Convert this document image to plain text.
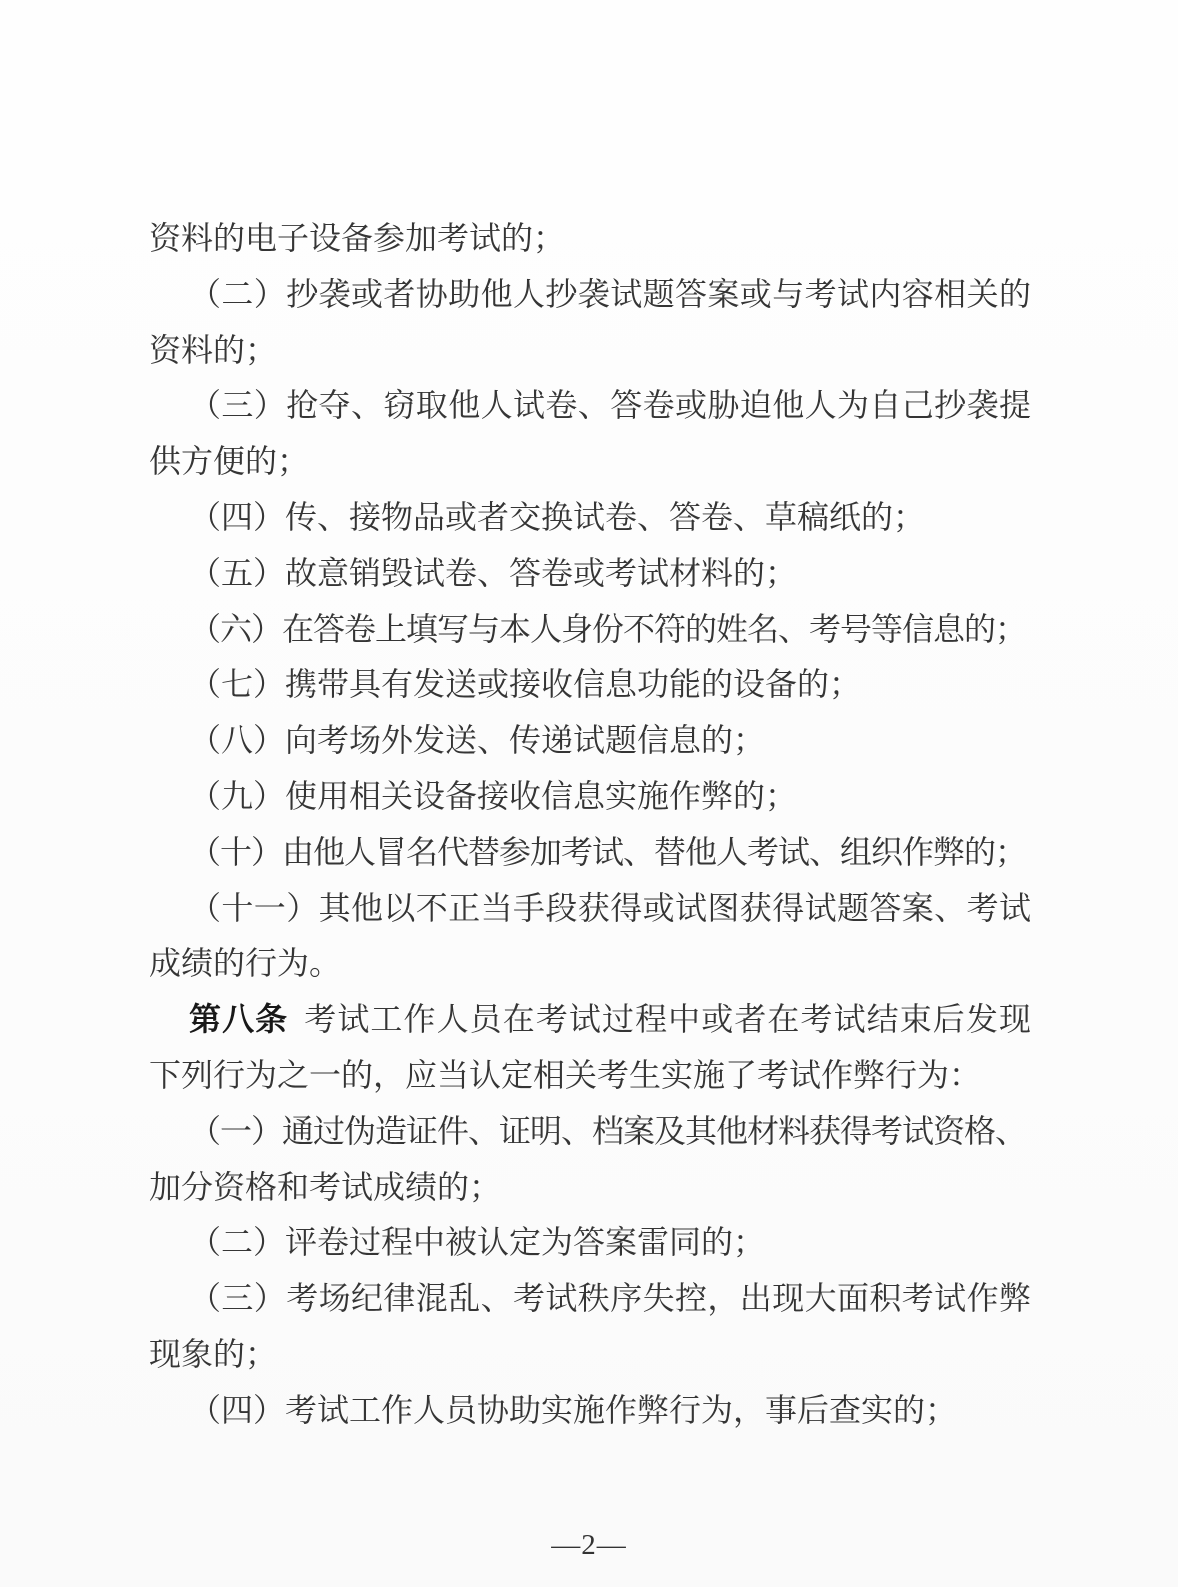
资料的电子设备参加考试的；

（二）抄袭或者协助他人抄袭试题答案或与考试内容相关的

资料的；

（三）抢夺、窃取他人试卷、答卷或胁迫他人为自己抄袭提

供方便的；

（四）传、接物品或者交换试卷、答卷、草稿纸的；

（五）故意销毁试卷、答卷或考试材料的；

（六）在答卷上填写与本人身份不符的姓名、考号等信息的；

（七）携带具有发送或接收信息功能的设备的；

（八）向考场外发送、传递试题信息的；

（九）使用相关设备接收信息实施作弊的；

（十）由他人冒名代替参加考试、替他人考试、组织作弊的；

（十一）其他以不正当手段获得或试图获得试题答案、考试

成绩的行为。

第八条 考试工作人员在考试过程中或者在考试结束后发现

下列行为之一的，应当认定相关考生实施了考试作弊行为：

（一）通过伪造证件、证明、档案及其他材料获得考试资格、

加分资格和考试成绩的；

（二）评卷过程中被认定为答案雷同的；

（三）考场纪律混乱、考试秩序失控，出现大面积考试作弊

现象的；

（四）考试工作人员协助实施作弊行为，事后查实的；

—2—
